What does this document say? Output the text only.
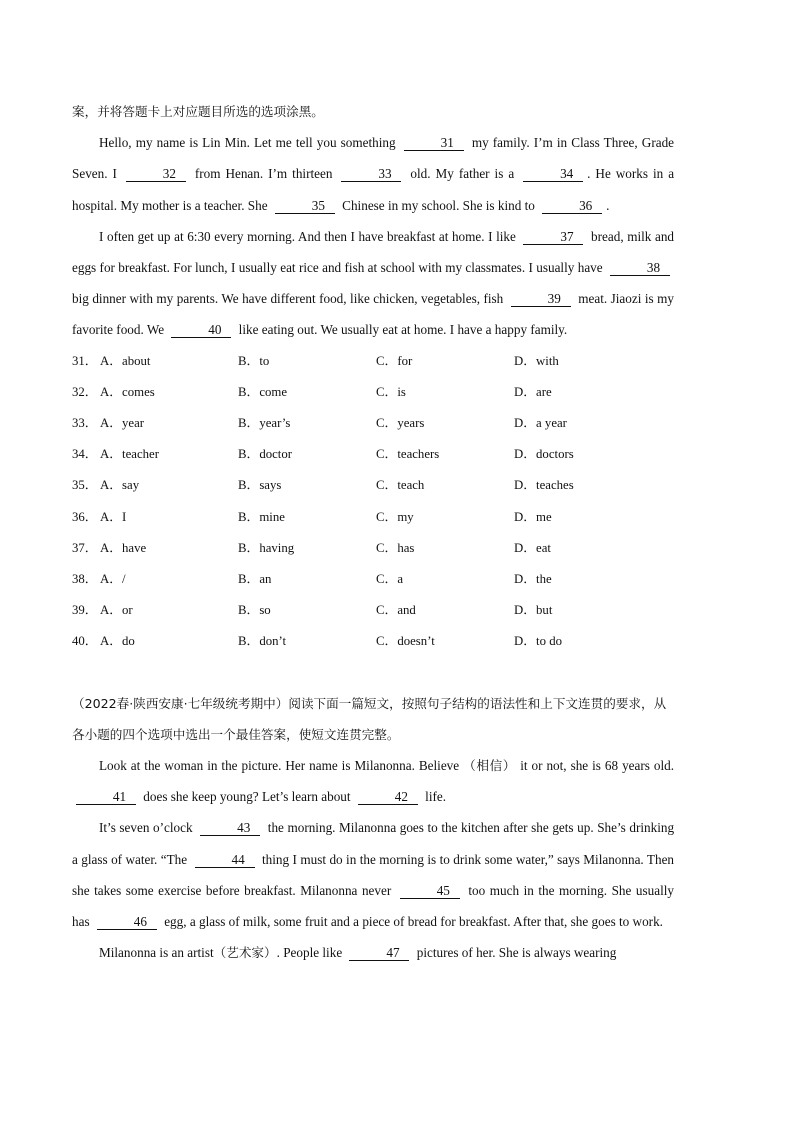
案，并将答题卡上对应题目所选的选项涂黑。

Hello, my name is Lin Min. Let me tell you something	31 my family. I’m in Class Three, Grade Seven. I	32 from Henan. I’m thirteen	33 old. My father is a	34 . He works in a hospital. My mother is a teacher. She	35 Chinese in my school. She is kind to	36 .

I often get up at 6:30 every morning. And then I have breakfast at home. I like	37 bread, milk and eggs for breakfast. For lunch, I usually eat rice and fish at school with my classmates. I usually have	38 big dinner with my parents. We have different food, like chicken, vegetables, fish	39 meat. Jiaozi is my favorite food. We	40 like eating out. We usually eat at home. I have a happy family.

31． A．about	B．to	C．for	D．with
32． A．comes	B．come	C．is	D．are
33． A．year	B．year’s	C．years	D．a year
34． A．teacher	B．doctor	C．teachers	D．doctors
35． A．say	B．says	C．teach	D．teaches
36． A．I	B．mine	C．my	D．me
37． A．have	B．having	C．has	D．eat
38． A．/	B．an	C．a	D．the
39． A．or	B．so	C．and	D．but
40． A．do	B．don’t	C．doesn’t	D．to do

（2022春·陕西安康·七年级统考期中）阅读下面一篇短文，按照句子结构的语法性和上下文连贯的要求，从各小题的四个选项中选出一个最佳答案，使短文连贯完整。

Look at the woman in the picture. Her name is Milanonna. Believe （相信） it or not, she is 68 years old. 41 does she keep young? Let’s learn about	42 life.

It’s seven o’clock	43 the morning. Milanonna goes to the kitchen after she gets up. She’s drinking a glass of water. “The	44 thing I must do in the morning is to drink some water,” says Milanonna. Then she takes some exercise before breakfast. Milanonna never	45 too much in the morning. She usually has	46 egg, a glass of milk, some fruit and a piece of bread for breakfast. After that, she goes to work.

Milanonna is an artist（艺术家）. People like	47 pictures of her. She is always wearing
